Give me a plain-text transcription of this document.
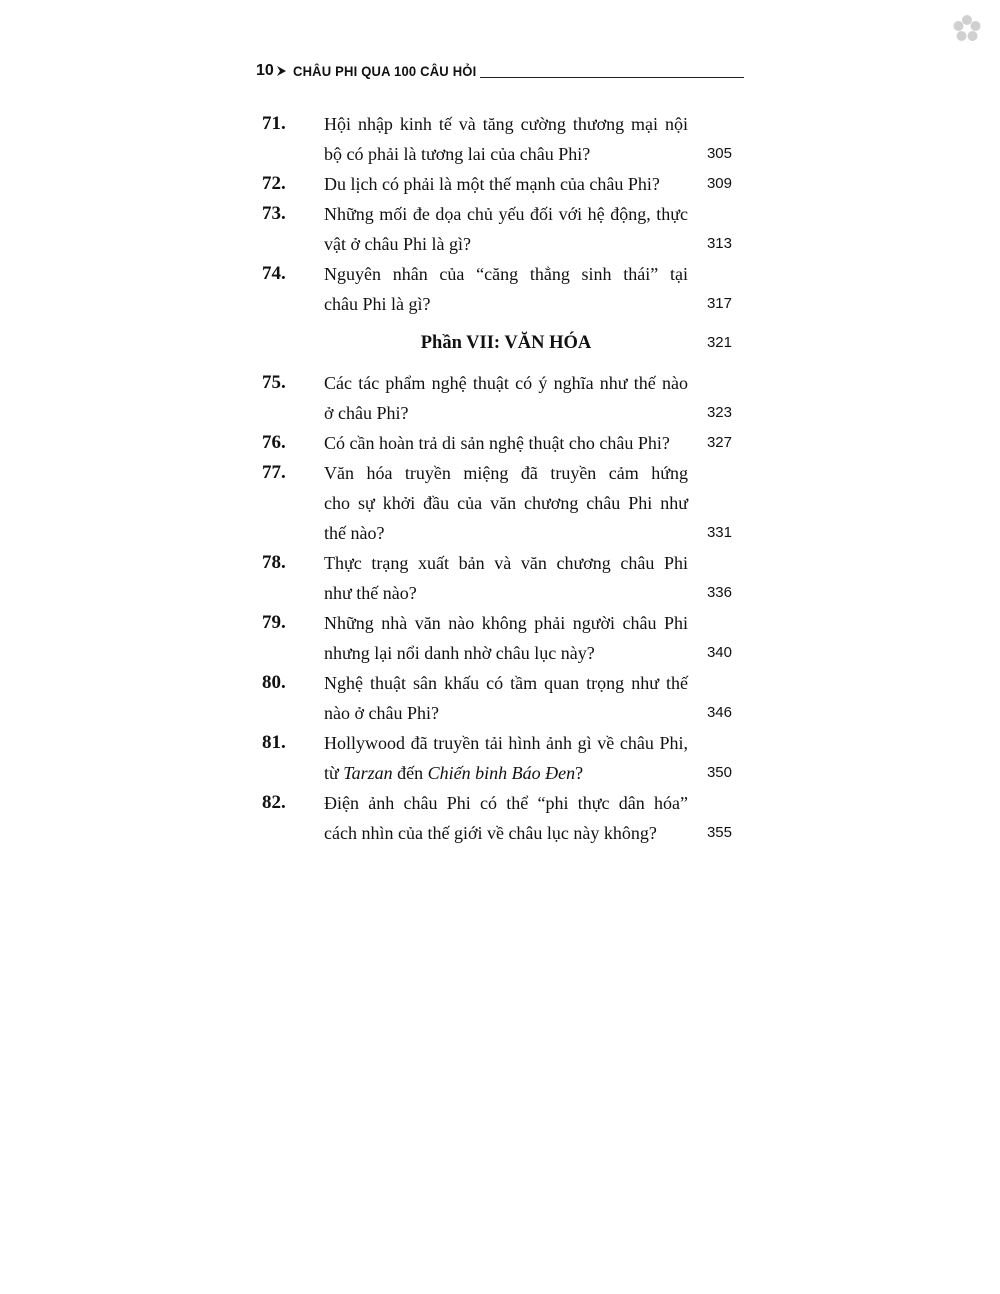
10 CHÂU PHI QUA 100 CÂU HỎI
71.	Hội nhập kinh tế và tăng cường thương mại nội
bộ có phải là tương lai của châu Phi?	305
72.	Du lịch có phải là một thế mạnh của châu Phi?	309
73.	Những mối đe dọa chủ yếu đối với hệ động, thực
vật ở châu Phi là gì?	313
74.	Nguyên nhân của “căng thẳng sinh thái” tại
châu Phi là gì?	317
Phần VII: VĂN HÓA	321
75.	Các tác phẩm nghệ thuật có ý nghĩa như thế nào
ở châu Phi?	323
76.	Có cần hoàn trả di sản nghệ thuật cho châu Phi?	327
77.	Văn hóa truyền miệng đã truyền cảm hứng
cho sự khởi đầu của văn chương châu Phi như
thế nào?	331
78.	Thực trạng xuất bản và văn chương châu Phi
như thế nào?	336
79.	Những nhà văn nào không phải người châu Phi
nhưng lại nổi danh nhờ châu lục này?	340
80.	Nghệ thuật sân khấu có tầm quan trọng như thế
nào ở châu Phi?	346
81.	Hollywood đã truyền tải hình ảnh gì về châu Phi,
từ Tarzan đến Chiến binh Báo Đen?	350
82.	Điện ảnh châu Phi có thể “phi thực dân hóa”
cách nhìn của thế giới về châu lục này không?	355
